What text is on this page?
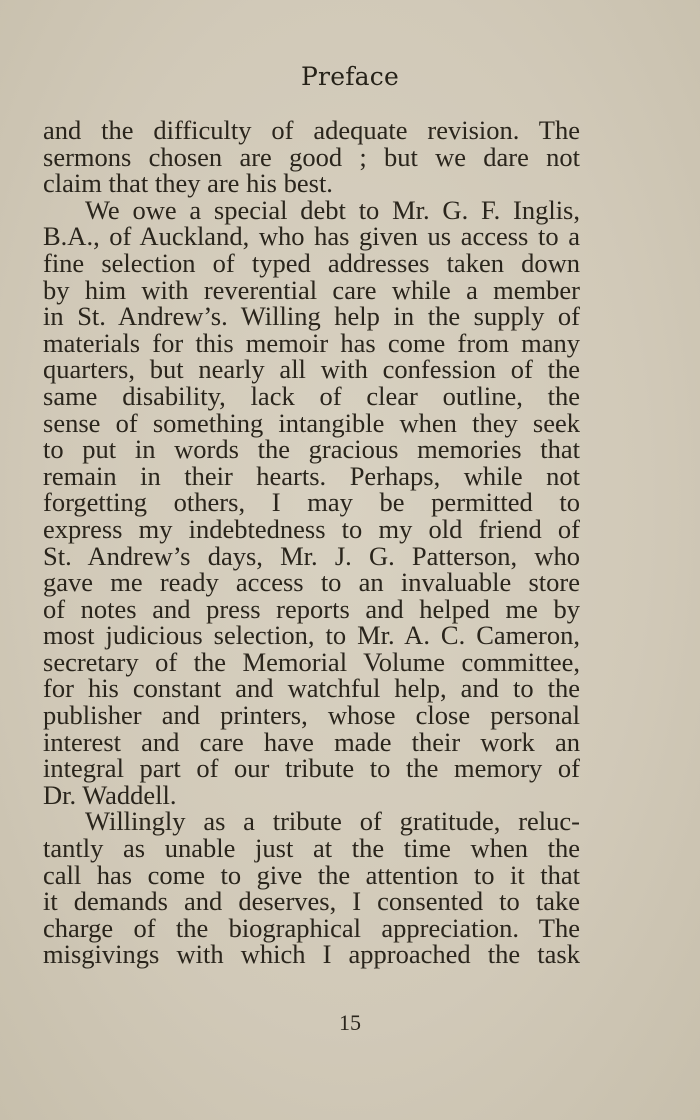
Preface
and the difficulty of adequate revision. The
sermons chosen are good ; but we dare not
claim that they are his best.
We owe a special debt to Mr. G. F. Inglis,
B.A., of Auckland, who has given us access to a
fine selection of typed addresses taken down
by him with reverential care while a member
in St. Andrew’s. Willing help in the supply of
materials for this memoir has come from many
quarters, but nearly all with confession of the
same disability, lack of clear outline, the
sense of something intangible when they seek
to put in words the gracious memories that
remain in their hearts. Perhaps, while not
forgetting others, I may be permitted to
express my indebtedness to my old friend of
St. Andrew’s days, Mr. J. G. Patterson, who
gave me ready access to an invaluable store
of notes and press reports and helped me by
most judicious selection, to Mr. A. C. Cameron,
secretary of the Memorial Volume committee,
for his constant and watchful help, and to the
publisher and printers, whose close personal
interest and care have made their work an
integral part of our tribute to the memory of
Dr. Waddell.
Willingly as a tribute of gratitude, reluc-
tantly as unable just at the time when the
call has come to give the attention to it that
it demands and deserves, I consented to take
charge of the biographical appreciation. The
misgivings with which I approached the task
15
